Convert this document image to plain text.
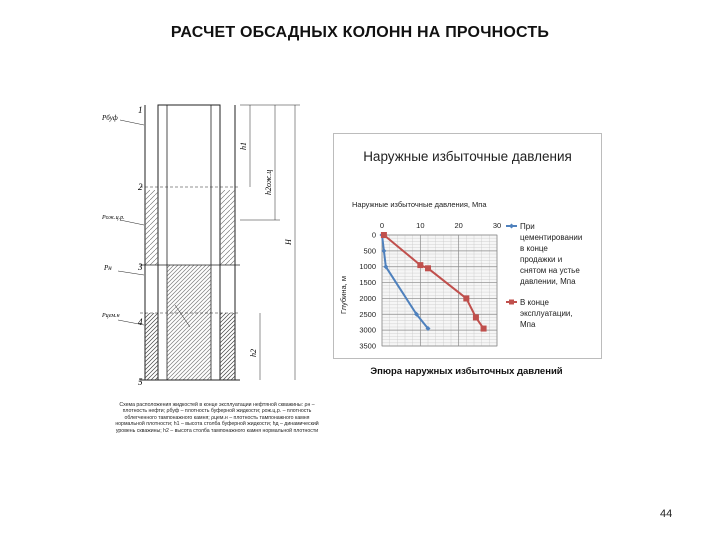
РАСЧЕТ ОБСАДНЫХ КОЛОНН НА ПРОЧНОСТЬ
1
2
3
4
5
Pбуф
Pож.ц.р.
Pн
Pцем.н
h1
h2ож.ц
H
h2
Схема расположения жидкостей в конце эксплуатации нефтяной скважины: ρн – плотность нефти; ρбуф – плотность буферной жидкости; ρож.ц.р. – плотность облегченного тампонажного камня; ρцем.н – плотность тампонажного камня нормальной плотности; h1 – высота столба буферной жидкости; hд – динамический уровень скважины; h2 – высота столба тампонажного камня нормальной плотности
Наружные избыточные давления
Наружные избыточные давления, Мпа
Глубина, м
0	10	20	30
0
500
1000
1500
2000
2500
3000
3500
При цементировании в конце продажки и снятом на устье давлении, Мпа
В конце эксплуатации, Мпа
Эпюра наружных избыточных давлений
44
